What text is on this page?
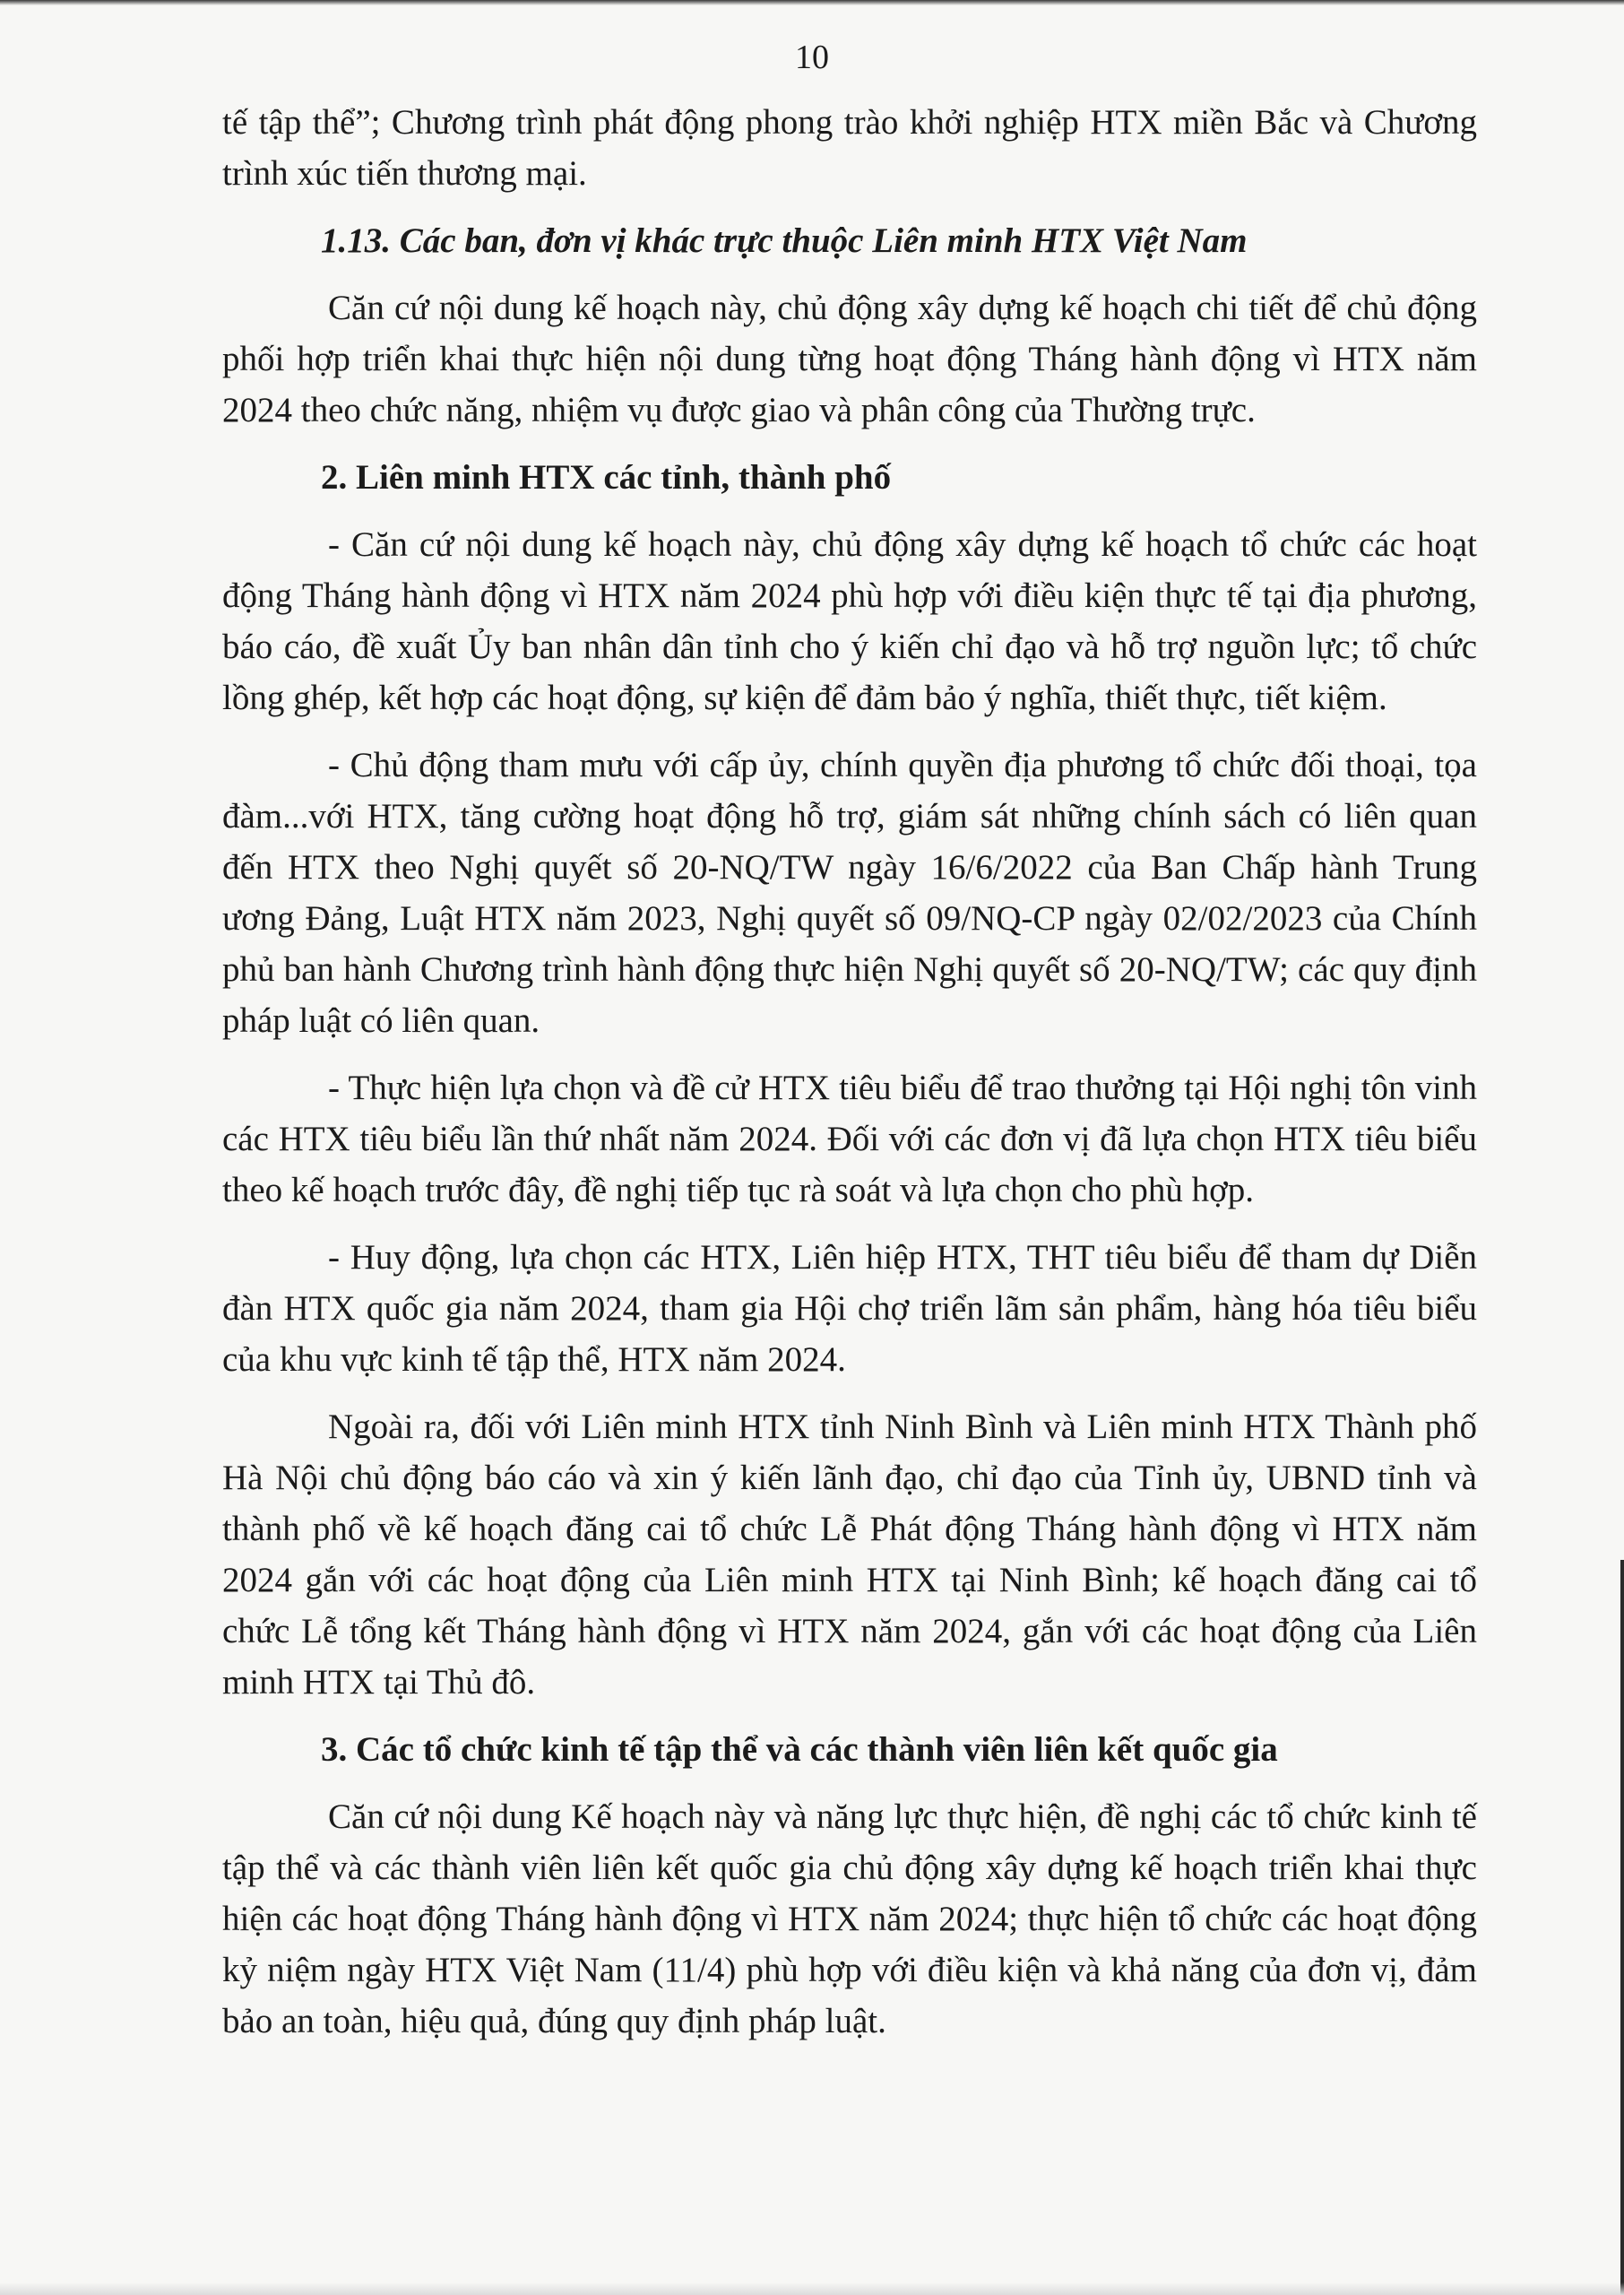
10

tế tập thể”; Chương trình phát động phong trào khởi nghiệp HTX miền Bắc và Chương trình xúc tiến thương mại.

1.13. Các ban, đơn vị khác trực thuộc Liên minh HTX Việt Nam

Căn cứ nội dung kế hoạch này, chủ động xây dựng kế hoạch chi tiết để chủ động phối hợp triển khai thực hiện nội dung từng hoạt động Tháng hành động vì HTX năm 2024 theo chức năng, nhiệm vụ được giao và phân công của Thường trực.

2. Liên minh HTX các tỉnh, thành phố

- Căn cứ nội dung kế hoạch này, chủ động xây dựng kế hoạch tổ chức các hoạt động Tháng hành động vì HTX năm 2024 phù hợp với điều kiện thực tế tại địa phương, báo cáo, đề xuất Ủy ban nhân dân tỉnh cho ý kiến chỉ đạo và hỗ trợ nguồn lực; tổ chức lồng ghép, kết hợp các hoạt động, sự kiện để đảm bảo ý nghĩa, thiết thực, tiết kiệm.

- Chủ động tham mưu với cấp ủy, chính quyền địa phương tổ chức đối thoại, tọa đàm...với HTX, tăng cường hoạt động hỗ trợ, giám sát những chính sách có liên quan đến HTX theo Nghị quyết số 20-NQ/TW ngày 16/6/2022 của Ban Chấp hành Trung ương Đảng, Luật HTX năm 2023, Nghị quyết số 09/NQ-CP ngày 02/02/2023 của Chính phủ ban hành Chương trình hành động thực hiện Nghị quyết số 20-NQ/TW; các quy định pháp luật có liên quan.

- Thực hiện lựa chọn và đề cử HTX tiêu biểu để trao thưởng tại Hội nghị tôn vinh các HTX tiêu biểu lần thứ nhất năm 2024. Đối với các đơn vị đã lựa chọn HTX tiêu biểu theo kế hoạch trước đây, đề nghị tiếp tục rà soát và lựa chọn cho phù hợp.

- Huy động, lựa chọn các HTX, Liên hiệp HTX, THT tiêu biểu để tham dự Diễn đàn HTX quốc gia năm 2024, tham gia Hội chợ triển lãm sản phẩm, hàng hóa tiêu biểu của khu vực kinh tế tập thể, HTX năm 2024.

Ngoài ra, đối với Liên minh HTX tỉnh Ninh Bình và Liên minh HTX Thành phố Hà Nội chủ động báo cáo và xin ý kiến lãnh đạo, chỉ đạo của Tỉnh ủy, UBND tỉnh và thành phố về kế hoạch đăng cai tổ chức Lễ Phát động Tháng hành động vì HTX năm 2024 gắn với các hoạt động của Liên minh HTX tại Ninh Bình; kế hoạch đăng cai tổ chức Lễ tổng kết Tháng hành động vì HTX năm 2024, gắn với các hoạt động của Liên minh HTX tại Thủ đô.

3. Các tổ chức kinh tế tập thể và các thành viên liên kết quốc gia

Căn cứ nội dung Kế hoạch này và năng lực thực hiện, đề nghị các tổ chức kinh tế tập thể và các thành viên liên kết quốc gia chủ động xây dựng kế hoạch triển khai thực hiện các hoạt động Tháng hành động vì HTX năm 2024; thực hiện tổ chức các hoạt động kỷ niệm ngày HTX Việt Nam (11/4) phù hợp với điều kiện và khả năng của đơn vị, đảm bảo an toàn, hiệu quả, đúng quy định pháp luật.
